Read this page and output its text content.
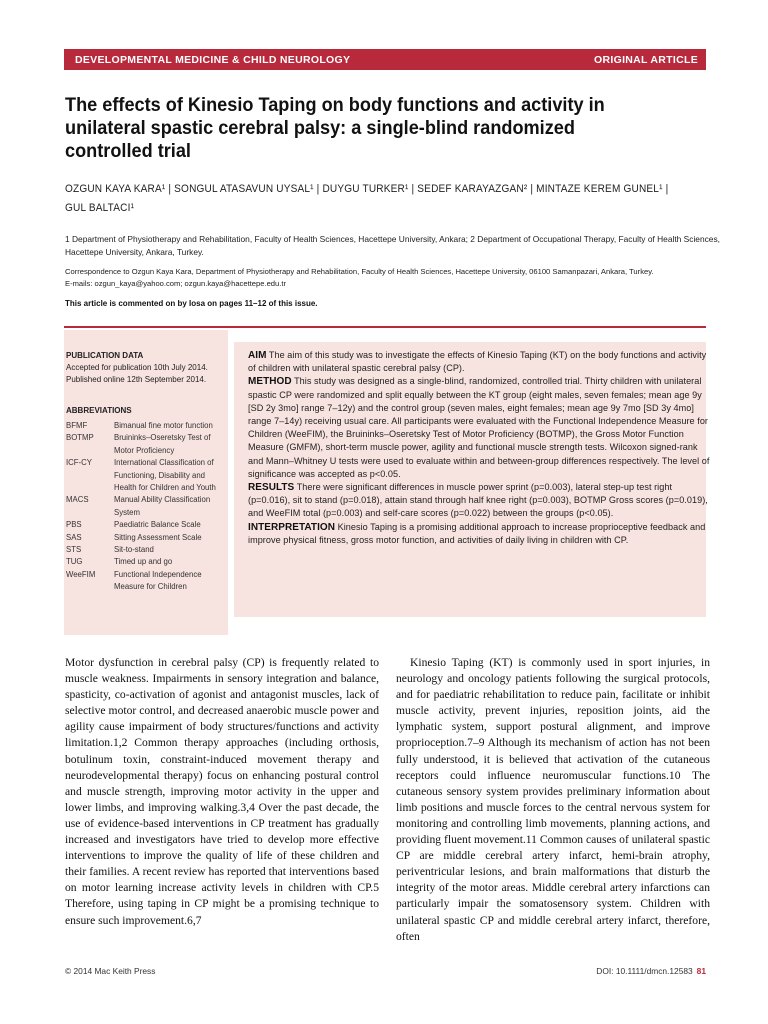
DEVELOPMENTAL MEDICINE & CHILD NEUROLOGY	ORIGINAL ARTICLE
The effects of Kinesio Taping on body functions and activity in unilateral spastic cerebral palsy: a single-blind randomized controlled trial
OZGUN KAYA KARA¹ | SONGUL ATASAVUN UYSAL¹ | DUYGU TURKER¹ | SEDEF KARAYAZGAN² | MINTAZE KEREM GUNEL¹ | GUL BALTACI¹
1 Department of Physiotherapy and Rehabilitation, Faculty of Health Sciences, Hacettepe University, Ankara; 2 Department of Occupational Therapy, Faculty of Health Sciences, Hacettepe University, Ankara, Turkey.
Correspondence to Ozgun Kaya Kara, Department of Physiotherapy and Rehabilitation, Faculty of Health Sciences, Hacettepe University, 06100 Samanpazari, Ankara, Turkey.
E-mails: ozgun_kaya@yahoo.com; ozgun.kaya@hacettepe.edu.tr
This article is commented on by Iosa on pages 11–12 of this issue.
PUBLICATION DATA
Accepted for publication 10th July 2014.
Published online 12th September 2014.
ABBREVIATIONS
BFMF	Bimanual fine motor function
BOTMP	Bruininks–Oseretsky Test of Motor Proficiency
ICF-CY	International Classification of Functioning, Disability and Health for Children and Youth
MACS	Manual Ability Classification System
PBS	Paediatric Balance Scale
SAS	Sitting Assessment Scale
STS	Sit-to-stand
TUG	Timed up and go
WeeFIM	Functional Independence Measure for Children
AIM The aim of this study was to investigate the effects of Kinesio Taping (KT) on the body functions and activity of children with unilateral spastic cerebral palsy (CP).
METHOD This study was designed as a single-blind, randomized, controlled trial. Thirty children with unilateral spastic CP were randomized and split equally between the KT group (eight males, seven females; mean age 9y [SD 2y 3mo] range 7–12y) and the control group (seven males, eight females; mean age 9y 7mo [SD 3y 4mo] range 7–14y) receiving usual care. All participants were evaluated with the Functional Independence Measure for Children (WeeFIM), the Bruininks–Oseretsky Test of Motor Proficiency (BOTMP), the Gross Motor Function Measure (GMFM), short-term muscle power, agility and functional muscle strength tests. Wilcoxon signed-rank and Mann–Whitney U tests were used to evaluate within and between-group differences respectively. The level of significance was accepted as p<0.05.
RESULTS There were significant differences in muscle power sprint (p=0.003), lateral step-up test right (p=0.016), sit to stand (p=0.018), attain stand through half knee right (p=0.003), BOTMP Gross scores (p=0.019), and WeeFIM total (p=0.003) and self-care scores (p=0.022) between the groups (p<0.05).
INTERPRETATION Kinesio Taping is a promising additional approach to increase proprioceptive feedback and improve physical fitness, gross motor function, and activities of daily living in children with CP.
Motor dysfunction in cerebral palsy (CP) is frequently related to muscle weakness. Impairments in sensory integration and balance, spasticity, co-activation of agonist and antagonist muscles, lack of selective motor control, and decreased anaerobic muscle power and agility cause impairment of body structures/functions and activity limitation.1,2 Common therapy approaches (including orthosis, botulinum toxin, constraint-induced movement therapy and neurodevelopmental therapy) focus on enhancing postural control and muscle strength, improving motor activity in the upper and lower limbs, and improving walking.3,4 Over the past decade, the use of evidence-based interventions in CP treatment has gradually increased and investigators have tried to develop more effective interventions to improve the quality of life of these children and their families. A recent review has reported that interventions based on motor learning increase activity levels in children with CP.5 Therefore, using taping in CP might be a promising technique to ensure such improvement.6,7
Kinesio Taping (KT) is commonly used in sport injuries, in neurology and oncology patients following the surgical protocols, and for paediatric rehabilitation to reduce pain, facilitate or inhibit muscle activity, prevent injuries, reposition joints, aid the lymphatic system, support postural alignment, and improve proprioception.7–9 Although its mechanism of action has not been fully understood, it is believed that activation of the cutaneous receptors could influence neuromuscular functions.10 The cutaneous sensory system provides preliminary information about limb positions and muscle forces to the central nervous system for monitoring and controlling limb movements, planning actions, and providing fluent movement.11 Common causes of unilateral spastic CP are middle cerebral artery infarct, hemi-brain atrophy, periventricular lesions, and brain malformations that disturb the integrity of the motor areas. Middle cerebral artery infarctions can particularly impair the somatosensory system. Children with unilateral spastic CP and middle cerebral artery infarct, therefore, often
© 2014 Mac Keith Press	DOI: 10.1111/dmcn.12583 81
